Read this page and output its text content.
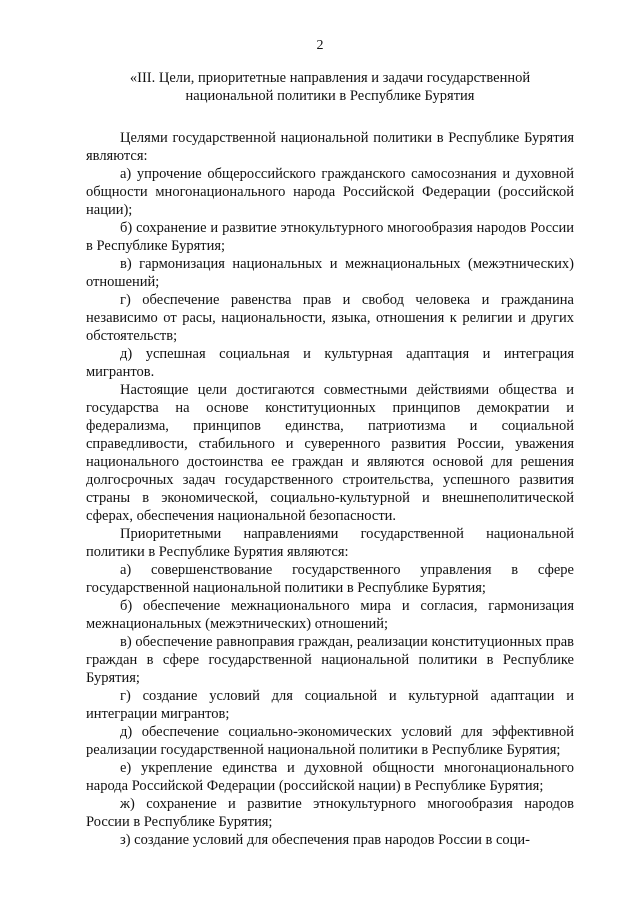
2
«III. Цели, приоритетные направления и задачи государственной
национальной политики в Республике Бурятия

Целями государственной национальной политики в Республике Бурятия являются:

а) упрочение общероссийского гражданского самосознания и духовной общности многонационального народа Российской Федерации (российской нации);

б) сохранение и развитие этнокультурного многообразия народов России в Республике Бурятия;

в) гармонизация национальных и межнациональных (межэтнических) отношений;

г) обеспечение равенства прав и свобод человека и гражданина независимо от расы, национальности, языка, отношения к религии и других обстоятельств;

д) успешная социальная и культурная адаптация и интеграция мигрантов.

Настоящие цели достигаются совместными действиями общества и государства на основе конституционных принципов демократии и федерализма, принципов единства, патриотизма и социальной справедливости, стабильного и суверенного развития России, уважения национального достоинства ее граждан и являются основой для решения долгосрочных задач государственного строительства, успешного развития страны в экономической, социально-культурной и внешнеполитической сферах, обеспечения национальной безопасности.

Приоритетными направлениями государственной национальной политики в Республике Бурятия являются:

а) совершенствование государственного управления в сфере государственной национальной политики в Республике Бурятия;

б) обеспечение межнационального мира и согласия, гармонизация межнациональных (межэтнических) отношений;

в) обеспечение равноправия граждан, реализации конституционных прав граждан в сфере государственной национальной политики в Республике Бурятия;

г) создание условий для социальной и культурной адаптации и интеграции мигрантов;

д) обеспечение социально-экономических условий для эффективной реализации государственной национальной политики в Республике Бурятия;

е) укрепление единства и духовной общности многонационального народа Российской Федерации (российской нации) в Республике Бурятия;

ж) сохранение и развитие этнокультурного многообразия народов России в Республике Бурятия;

з) создание условий для обеспечения прав народов России в соци-
